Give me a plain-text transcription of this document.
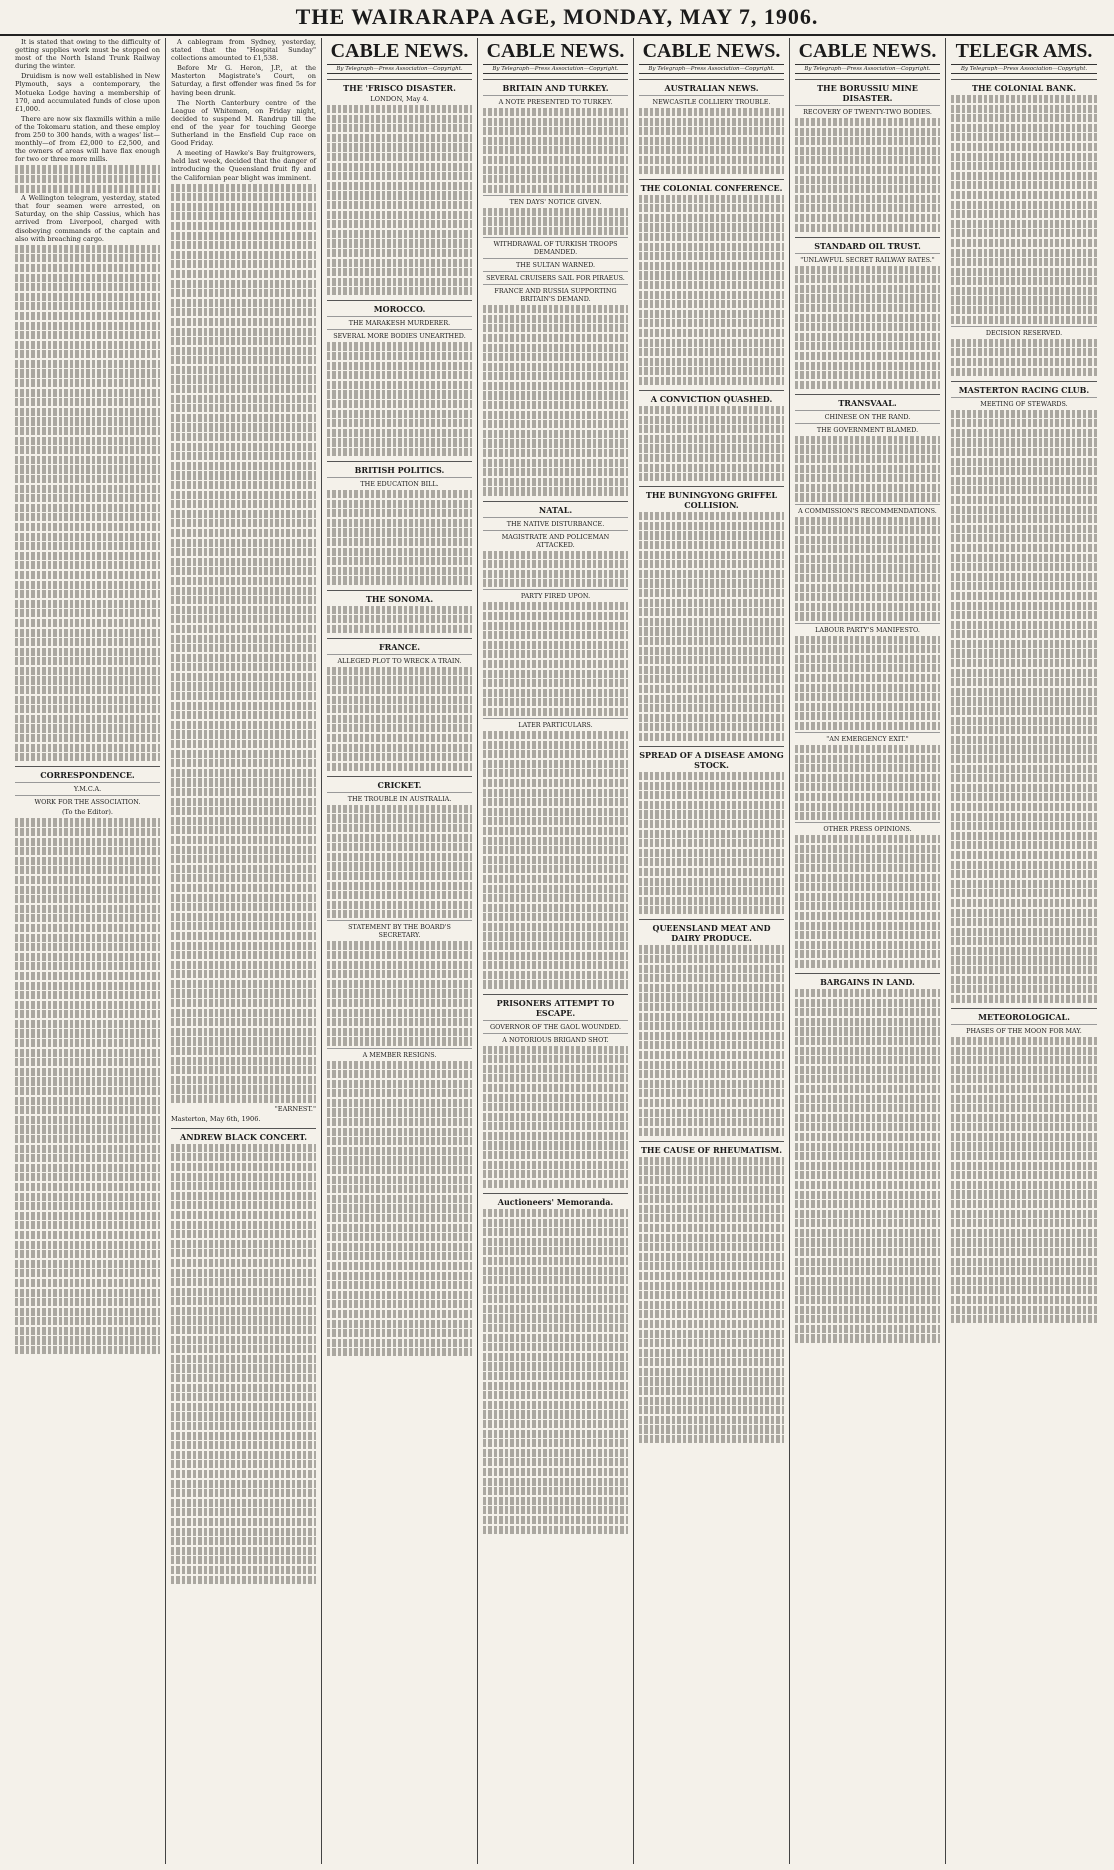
THE WAIRARAPA AGE, MONDAY, MAY 7, 1906.

It is stated that owing to the difficulty of getting supplies work must be stopped on most of the North Island Trunk Railway during the winter.

Druidism is now well established in New Plymouth, says a contemporary, the Motueka Lodge having a membership of 170, and accumulated funds of close upon £1,000.

There are now six flaxmills within a mile of the Tokomaru station, and these employ from 250 to 300 hands, with a wages' list—monthly—of from £2,000 to £2,500, and the owners of areas will have flax enough for two or three more mills.

A Wellington telegram, yesterday, stated that four seamen were arrested, on Saturday, on the ship Cassius, which has arrived from Liverpool, charged with disobeying commands of the captain and also with breaching cargo.

CORRESPONDENCE.
Y.M.C.A.
WORK FOR THE ASSOCIATION.

(To the Editor).

A cablegram from Sydney, yesterday, stated that the "Hospital Sunday" collections amounted to £1,538.

Before Mr G. Heron, J.P., at the Masterton Magistrate's Court, on Saturday, a first offender was fined 5s for having been drunk.

The North Canterbury centre of the League of Whitemen, on Friday night, decided to suspend M. Randrup till the end of the year for touching George Sutherland in the Ensfield Cup race on Good Friday.

A meeting of Hawke's Bay fruitgrowers, held last week, decided that the danger of introducing the Queensland fruit fly and the Californian pear blight was imminent.

"EARNEST."

Masterton, May 6th, 1906.

ANDREW BLACK CONCERT.
CABLE NEWS.
By Telegraph—Press Association—Copyright.
THE 'FRISCO DISASTER.

LONDON, May 4.

MOROCCO.
THE MARAKESH MURDERER.
SEVERAL MORE BODIES UNEARTHED.
BRITISH POLITICS.
THE EDUCATION BILL.
THE SONOMA.
FRANCE.
ALLEGED PLOT TO WRECK A TRAIN.
CRICKET.
THE TROUBLE IN AUSTRALIA.
STATEMENT BY THE BOARD'S SECRETARY.
A MEMBER RESIGNS.
CABLE NEWS.
By Telegraph—Press Association—Copyright.
BRITAIN AND TURKEY.
A NOTE PRESENTED TO TURKEY.
TEN DAYS' NOTICE GIVEN.
WITHDRAWAL OF TURKISH TROOPS DEMANDED.
THE SULTAN WARNED.
SEVERAL CRUISERS SAIL FOR PIRAEUS.
FRANCE AND RUSSIA SUPPORTING BRITAIN'S DEMAND.
NATAL.
THE NATIVE DISTURBANCE.
MAGISTRATE AND POLICEMAN ATTACKED.
PARTY FIRED UPON.
LATER PARTICULARS.
PRISONERS ATTEMPT TO ESCAPE.
GOVERNOR OF THE GAOL WOUNDED.
A NOTORIOUS BRIGAND SHOT.
Auctioneers' Memoranda.
CABLE NEWS.
By Telegraph—Press Association—Copyright.
AUSTRALIAN NEWS.
NEWCASTLE COLLIERY TROUBLE.
THE COLONIAL CONFERENCE.
A CONVICTION QUASHED.
THE BUNINGYONG GRIFFEL COLLISION.
SPREAD OF A DISEASE AMONG STOCK.
QUEENSLAND MEAT AND DAIRY PRODUCE.
THE CAUSE OF RHEUMATISM.
CABLE NEWS.
By Telegraph—Press Association—Copyright.
THE BORUSSIU MINE DISASTER.
RECOVERY OF TWENTY-TWO BODIES.
STANDARD OIL TRUST.
"UNLAWFUL SECRET RAILWAY RATES."
TRANSVAAL.
CHINESE ON THE RAND.
THE GOVERNMENT BLAMED.
A COMMISSION'S RECOMMENDATIONS.
LABOUR PARTY'S MANIFESTO.
"AN EMERGENCY EXIT."
OTHER PRESS OPINIONS.
BARGAINS IN LAND.
TELEGR AMS.
By Telegraph—Press Association—Copyright.
THE COLONIAL BANK.
DECISION RESERVED.
MASTERTON RACING CLUB.
MEETING OF STEWARDS.
METEOROLOGICAL.
PHASES OF THE MOON FOR MAY.
